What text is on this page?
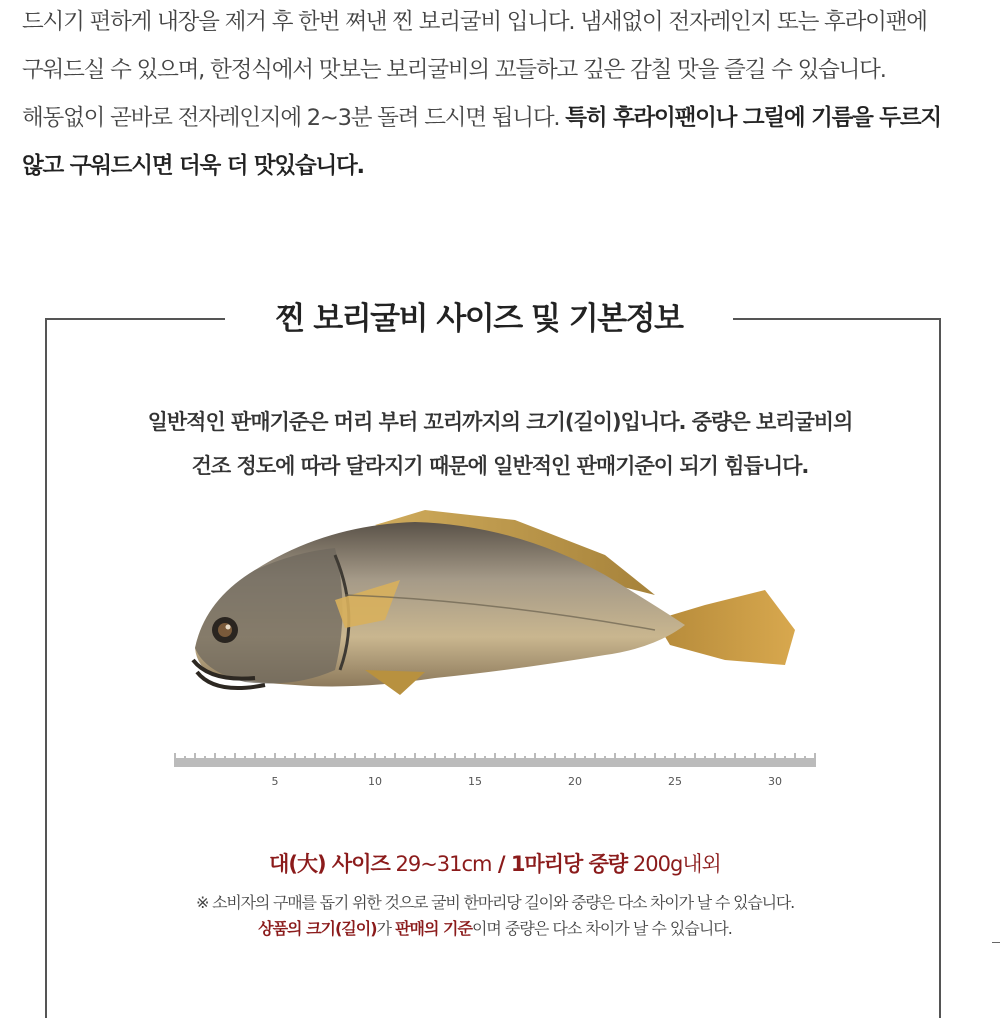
드시기 편하게 내장을 제거 후 한번 쪄낸 찐 보리굴비 입니다. 냄새없이 전자레인지 또는 후라이팬에

구워드실 수 있으며, 한정식에서 맛보는 보리굴비의 꼬들하고 깊은 감칠 맛을 즐길 수 있습니다.

해동없이 곧바로 전자레인지에 2~3분 돌려 드시면 됩니다. 특히 후라이팬이나 그릴에 기름을 두르지

않고 구워드시면 더욱 더 맛있습니다.

찐 보리굴비 사이즈 및 기본정보

일반적인 판매기준은 머리 부터 꼬리까지의 크기(길이)입니다. 중량은 보리굴비의

건조 정도에 따라 달라지기 때문에 일반적인 판매기준이 되기 힘듭니다.

5	10	15	20	25	30
대(大) 사이즈 29~31cm / 1마리당 중량 200g내외
※ 소비자의 구매를 돕기 위한 것으로 굴비 한마리당 길이와 중량은 다소 차이가 날 수 있습니다.
상품의 크기(길이)가 판매의 기준이며 중량은 다소 차이가 날 수 있습니다.
